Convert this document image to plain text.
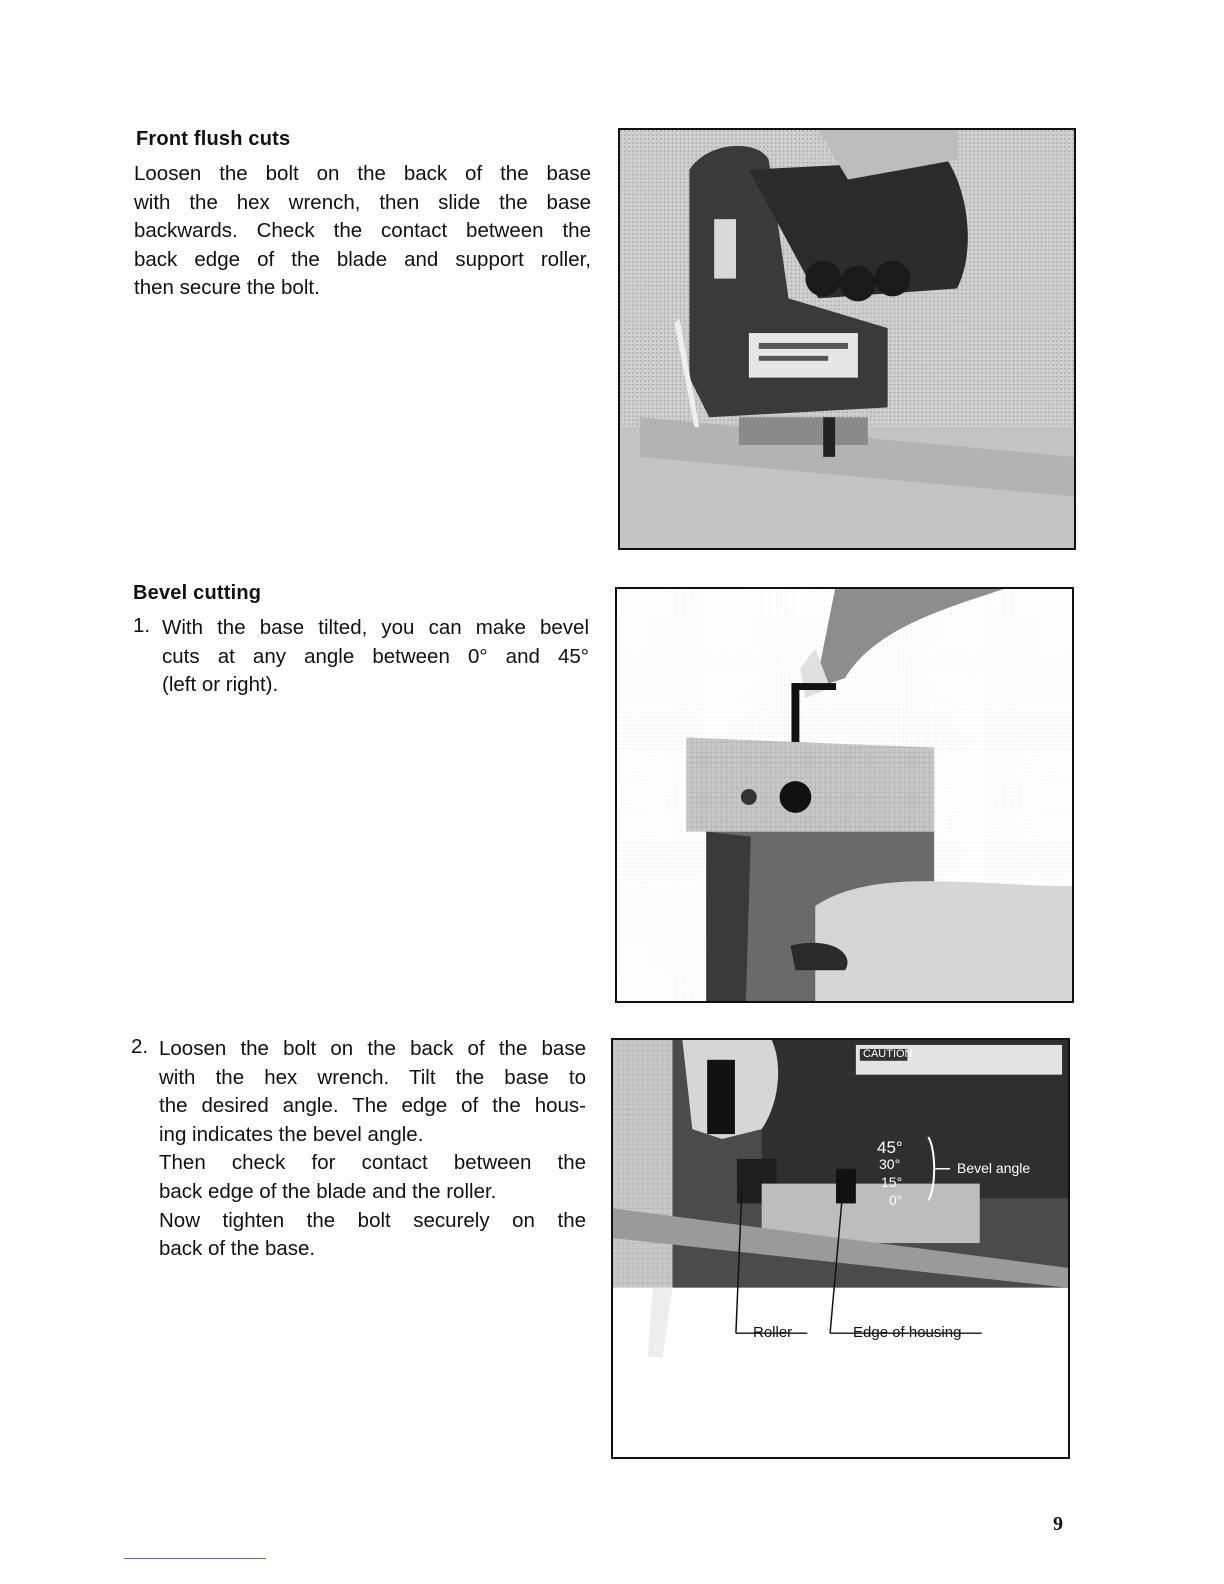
Front flush cuts
Loosen the bolt on the back of the base
with the hex wrench, then slide the base
backwards. Check the contact between the
back edge of the blade and support roller,
then secure the bolt.
Bevel cutting
1. With the base tilted, you can make bevel
cuts at any angle between 0° and 45°
(left or right).
2. Loosen the bolt on the back of the base
with the hex wrench. Tilt the base to
the desired angle. The edge of the hous-
ing indicates the bevel angle.
Then check for contact between the
back edge of the blade and the roller.
Now tighten the bolt securely on the
back of the base.
CAUTION
45°
30°
15°
0°
Bevel angle
Roller	Edge of housing
9
